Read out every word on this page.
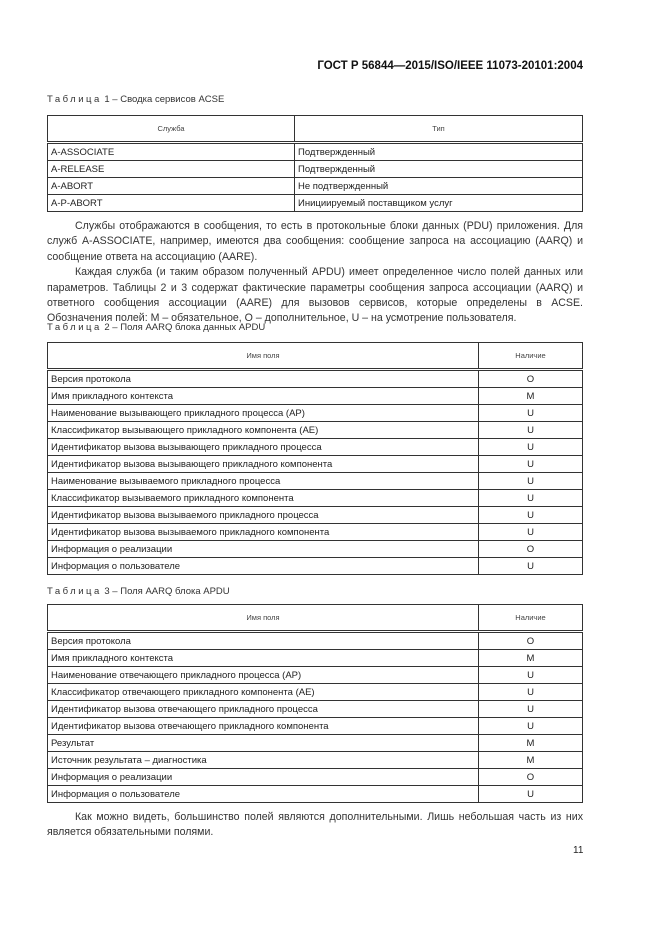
ГОСТ Р 56844—2015/ISO/IEEE 11073-20101:2004
Таблица 1 – Сводка сервисов ACSE
Служба	Тип
A-ASSOCIATE	Подтвержденный
A-RELEASE	Подтвержденный
A-ABORT	Не подтвержденный
A-P-ABORT	Инициируемый поставщиком услуг

Службы отображаются в сообщения, то есть в протокольные блоки данных (PDU) приложения. Для служб A-ASSOCIATE, например, имеются два сообщения: сообщение запроса на ассоциацию (AARQ) и сообщение ответа на ассоциацию (AARE).

Каждая служба (и таким образом полученный APDU) имеет определенное число полей данных или параметров. Таблицы 2 и 3 содержат фактические параметры сообщения запроса ассоциации (AARQ) и ответного сообщения ассоциации (AARE) для вызовов сервисов, которые определены в ACSE. Обозначения полей: M – обязательное, O – дополнительное, U – на усмотрение пользователя.

Таблица 2 – Поля AARQ блока данных APDU
Имя поля	Наличие
Версия протокола	O
Имя прикладного контекста	M
Наименование вызывающего прикладного процесса (AP)	U
Классификатор вызывающего прикладного компонента (AE)	U
Идентификатор вызова вызывающего прикладного процесса	U
Идентификатор вызова вызывающего прикладного компонента	U
Наименование вызываемого прикладного процесса	U
Классификатор вызываемого прикладного компонента	U
Идентификатор вызова вызываемого прикладного процесса	U
Идентификатор вызова вызываемого прикладного компонента	U
Информация о реализации	O
Информация о пользователе	U
Таблица 3 – Поля AARQ блока APDU
Имя поля	Наличие
Версия протокола	O
Имя прикладного контекста	M
Наименование отвечающего прикладного процесса (AP)	U
Классификатор отвечающего прикладного компонента (AE)	U
Идентификатор вызова отвечающего прикладного процесса	U
Идентификатор вызова отвечающего прикладного компонента	U
Результат	M
Источник результата – диагностика	M
Информация о реализации	O
Информация о пользователе	U

Как можно видеть, большинство полей являются дополнительными. Лишь небольшая часть из них является обязательными полями.

11
